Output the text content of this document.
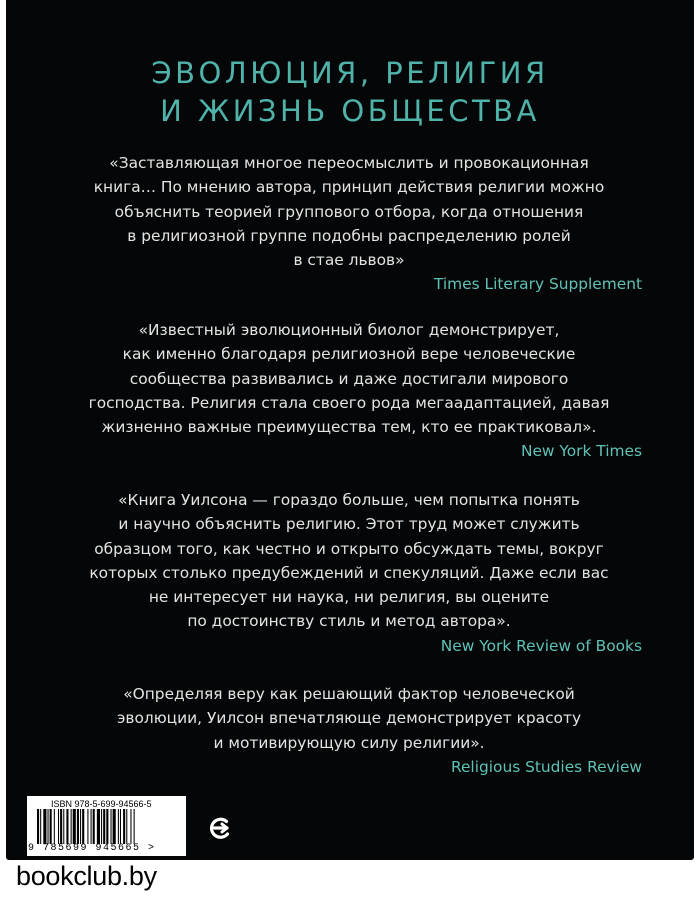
ЭВОЛЮЦИЯ, РЕЛИГИЯ
И ЖИЗНЬ ОБЩЕСТВА
«Заставляющая многое переосмыслить и провокационная
книга… По мнению автора, принцип действия религии можно
объяснить теорией группового отбора, когда отношения
в религиозной группе подобны распределению ролей
в стае львов»
Times Literary Supplement
«Известный эволюционный биолог демонстрирует,
как именно благодаря религиозной вере человеческие
сообщества развивались и даже достигали мирового
господства. Религия стала своего рода мегаадаптацией, давая
жизненно важные преимущества тем, кто ее практиковал».
New York Times
«Книга Уилсона — гораздо больше, чем попытка понять
и научно объяснить религию. Этот труд может служить
образцом того, как честно и открыто обсуждать темы, вокруг
которых столько предубеждений и спекуляций. Даже если вас
не интересует ни наука, ни религия, вы оцените
по достоинству стиль и метод автора».
New York Review of Books
«Определяя веру как решающий фактор человеческой
эволюции, Уилсон впечатляюще демонстрирует красоту
и мотивирующую силу религии».
Religious Studies Review
ISBN 978-5-699-94566-5
9 785699 945665 >
bookclub.by
